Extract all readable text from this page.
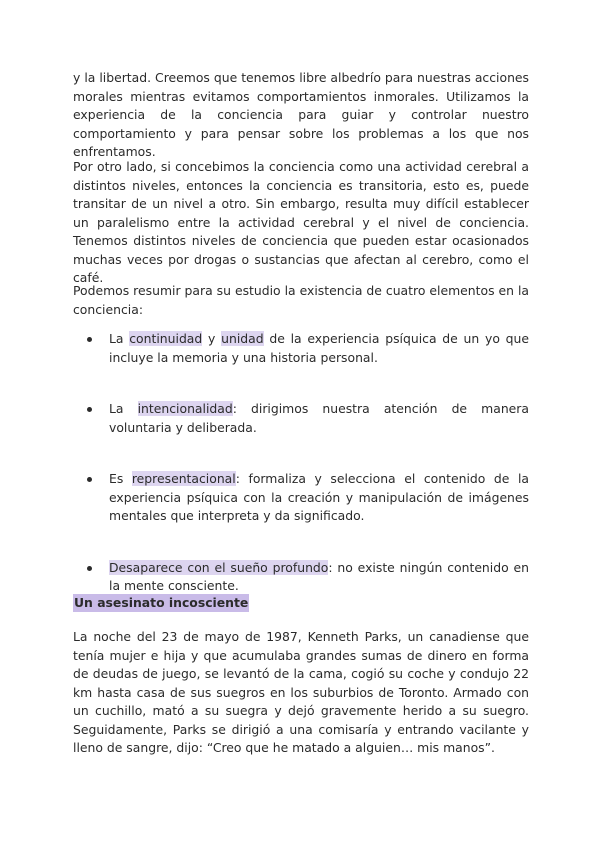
y la libertad. Creemos que tenemos libre albedrío para nuestras acciones morales mientras evitamos comportamientos inmorales. Utilizamos la experiencia de la conciencia para guiar y controlar nuestro comportamiento y para pensar sobre los problemas a los que nos enfrentamos.

Por otro lado, si concebimos la conciencia como una actividad cerebral a distintos niveles, entonces la conciencia es transitoria, esto es, puede transitar de un nivel a otro. Sin embargo, resulta muy difícil establecer un paralelismo entre la actividad cerebral y el nivel de conciencia. Tenemos distintos niveles de conciencia que pueden estar ocasionados muchas veces por drogas o sustancias que afectan al cerebro, como el café.

Podemos resumir para su estudio la existencia de cuatro elementos en la conciencia:

La continuidad y unidad de la experiencia psíquica de un yo que incluye la memoria y una historia personal.
La intencionalidad: dirigimos nuestra atención de manera voluntaria y deliberada.
Es representacional: formaliza y selecciona el contenido de la experiencia psíquica con la creación y manipulación de imágenes mentales que interpreta y da significado.
Desaparece con el sueño profundo: no existe ningún contenido en la mente consciente.
Un asesinato incosciente

La noche del 23 de mayo de 1987, Kenneth Parks, un canadiense que tenía mujer e hija y que acumulaba grandes sumas de dinero en forma de deudas de juego, se levantó de la cama, cogió su coche y condujo 22 km hasta casa de sus suegros en los suburbios de Toronto. Armado con un cuchillo, mató a su suegra y dejó gravemente herido a su suegro. Seguidamente, Parks se dirigió a una comisaría y entrando vacilante y lleno de sangre, dijo: “Creo que he matado a alguien… mis manos”.
